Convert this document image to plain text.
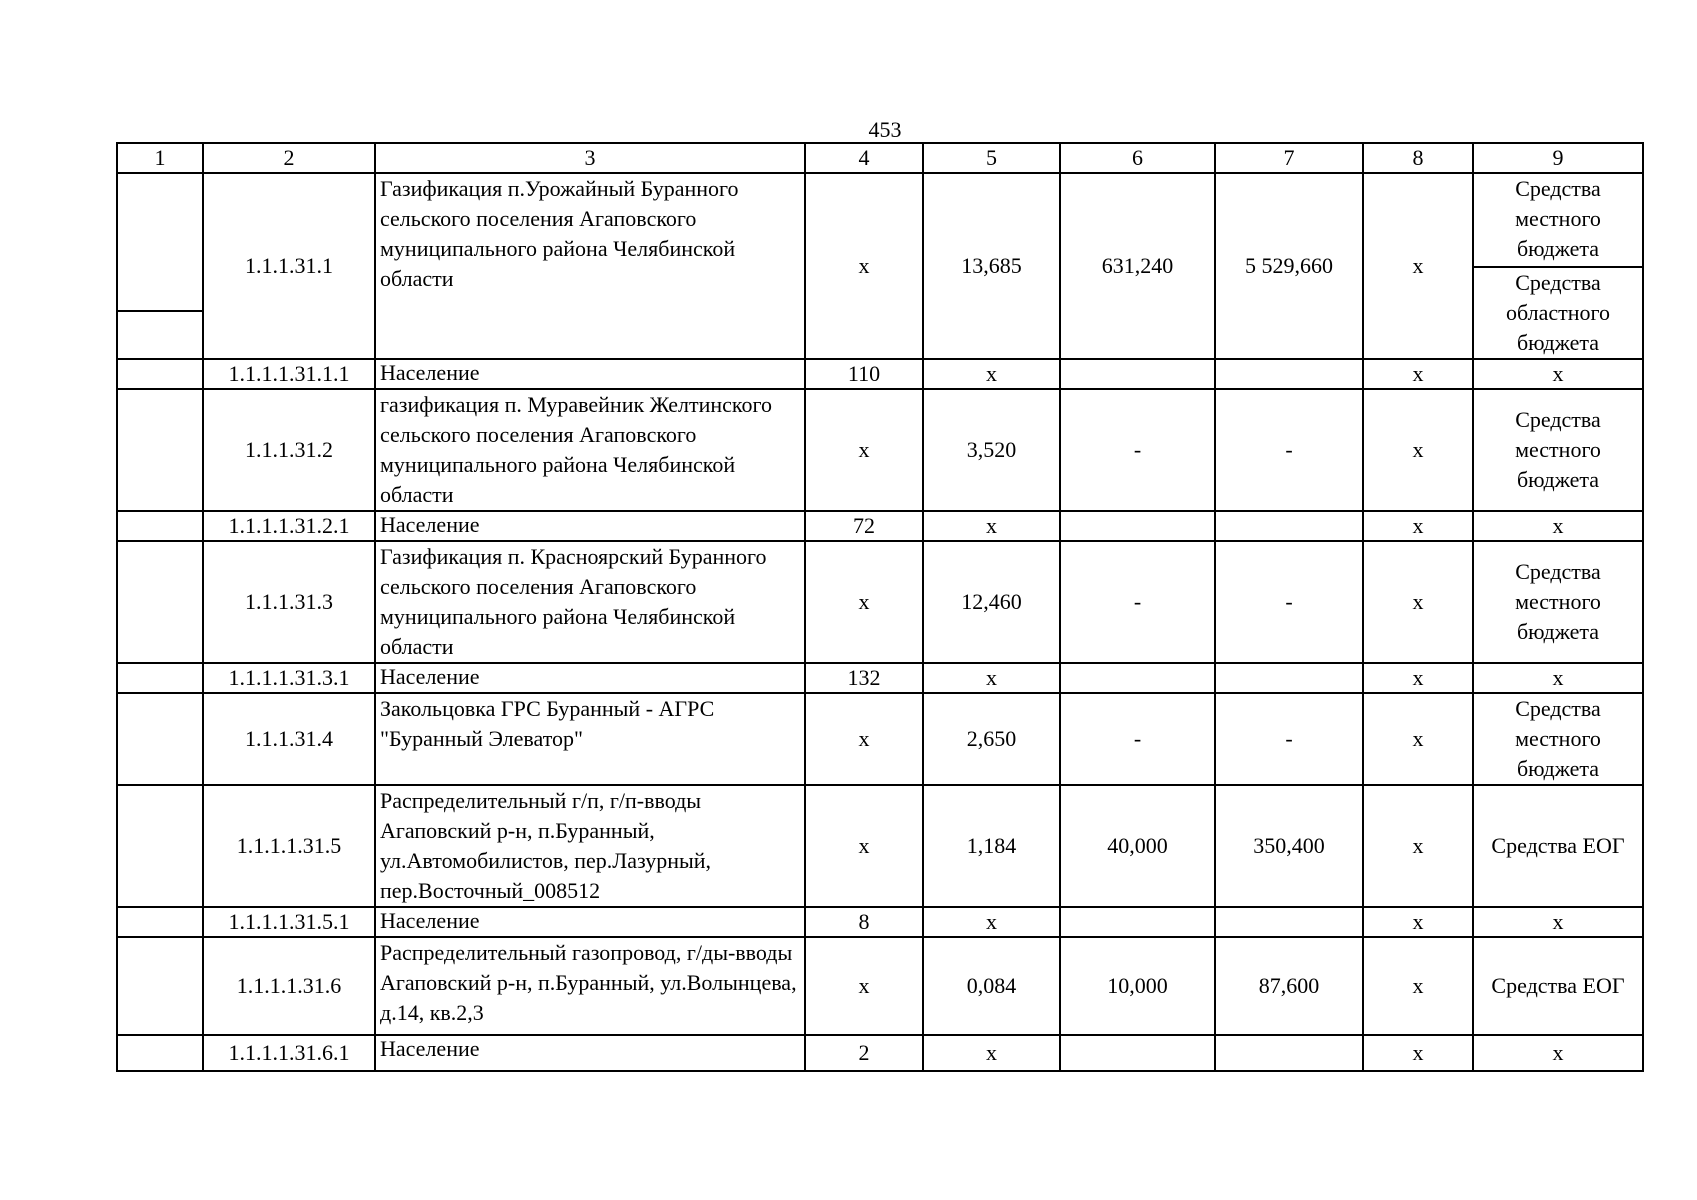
453
1	2	3	4	5	6	7	8	9

	1.1.1.31.1	Газификация п.Урожайный Буранного сельского поселения Агаповского муниципального района Челябинской области	х	13,685	631,240	5 529,660	х	Средства местного бюджета
Средства областного бюджета

	1.1.1.1.31.1.1	Население	110	х			х	х
	1.1.1.31.2	газификация п. Муравейник Желтинского сельского поселения Агаповского муниципального района Челябинской области	х	3,520	-	-	х	Средства местного бюджета
	1.1.1.1.31.2.1	Население	72	х			х	х
	1.1.1.31.3	Газификация п. Красноярский Буранного сельского поселения Агаповского муниципального района Челябинской области	х	12,460	-	-	х	Средства местного бюджета
	1.1.1.1.31.3.1	Население	132	х			х	х
	1.1.1.31.4	Закольцовка ГРС Буранный - АГРС "Буранный Элеватор"	х	2,650	-	-	х	Средства местного бюджета
	1.1.1.1.31.5	Распределительный г/п, г/п-вводы Агаповский р-н, п.Буранный, ул.Автомобилистов, пер.Лазурный, пер.Восточный_008512	х	1,184	40,000	350,400	х	Средства ЕОГ
	1.1.1.1.31.5.1	Население	8	х			х	х
	1.1.1.1.31.6	Распределительный газопровод, г/ды-вводы Агаповский р-н, п.Буранный, ул.Волынцева, д.14, кв.2,3	х	0,084	10,000	87,600	х	Средства ЕОГ
	1.1.1.1.31.6.1	Население	2	х			х	х
